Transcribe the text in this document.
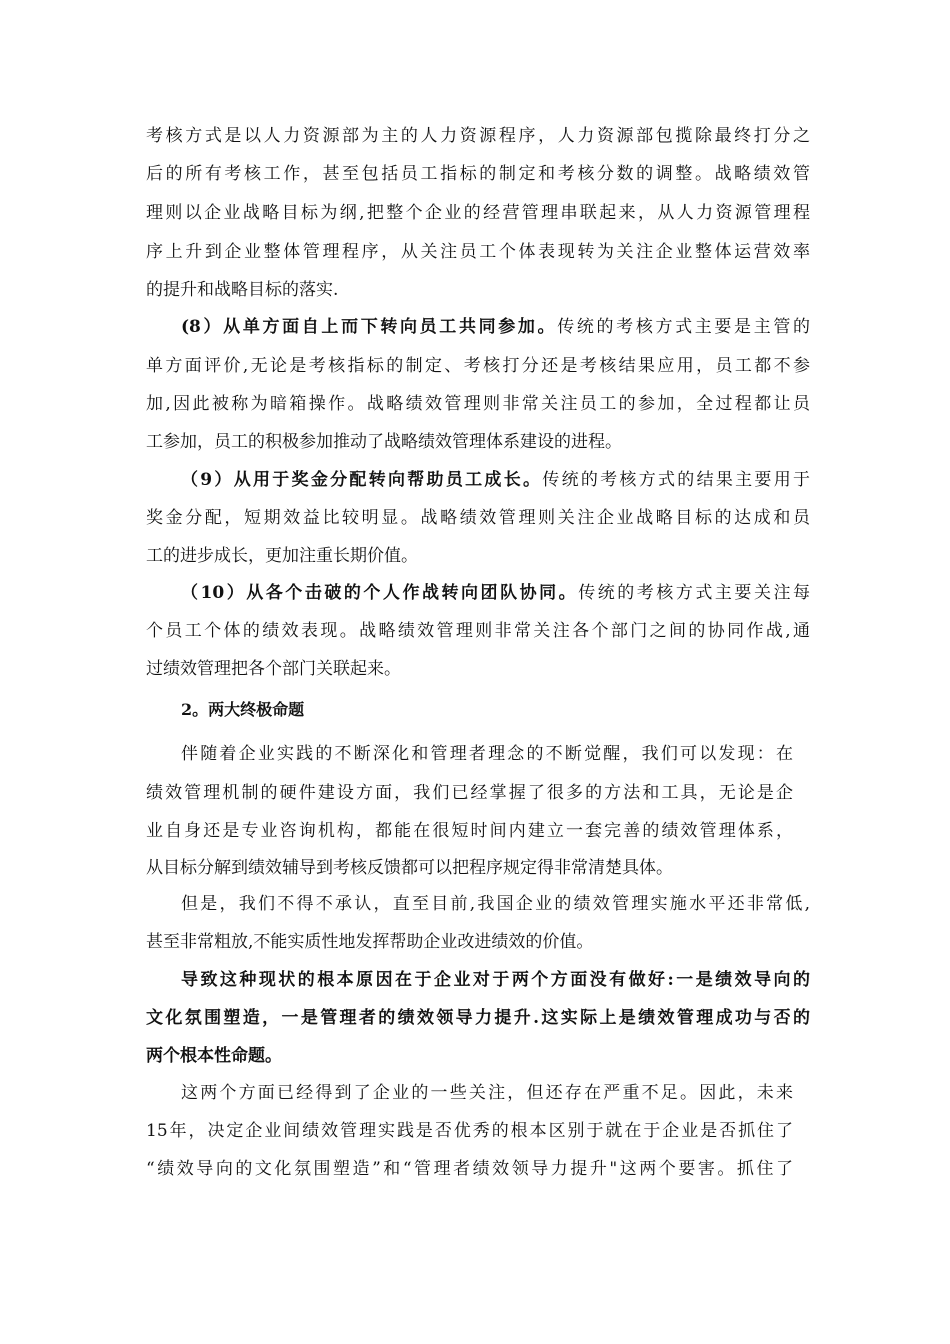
考核方式是以人力资源部为主的人力资源程序，人力资源部包揽除最终打分之
后的所有考核工作，甚至包括员工指标的制定和考核分数的调整。战略绩效管
理则以企业战略目标为纲,把整个企业的经营管理串联起来，从人力资源管理程
序上升到企业整体管理程序，从关注员工个体表现转为关注企业整体运营效率
的提升和战略目标的落实.
(8）从单方面自上而下转向员工共同参加。传统的考核方式主要是主管的
单方面评价,无论是考核指标的制定、考核打分还是考核结果应用，员工都不参
加,因此被称为暗箱操作。战略绩效管理则非常关注员工的参加，全过程都让员
工参加，员工的积极参加推动了战略绩效管理体系建设的进程。
（9）从用于奖金分配转向帮助员工成长。传统的考核方式的结果主要用于
奖金分配，短期效益比较明显。战略绩效管理则关注企业战略目标的达成和员
工的进步成长，更加注重长期价值。
（10）从各个击破的个人作战转向团队协同。传统的考核方式主要关注每
个员工个体的绩效表现。战略绩效管理则非常关注各个部门之间的协同作战,通
过绩效管理把各个部门关联起来。
2。两大终极命题
伴随着企业实践的不断深化和管理者理念的不断觉醒，我们可以发现：在
绩效管理机制的硬件建设方面，我们已经掌握了很多的方法和工具，无论是企
业自身还是专业咨询机构，都能在很短时间内建立一套完善的绩效管理体系，
从目标分解到绩效辅导到考核反馈都可以把程序规定得非常清楚具体。
但是，我们不得不承认，直至目前,我国企业的绩效管理实施水平还非常低,
甚至非常粗放,不能实质性地发挥帮助企业改进绩效的价值。
导致这种现状的根本原因在于企业对于两个方面没有做好:一是绩效导向的
文化氛围塑造，一是管理者的绩效领导力提升.这实际上是绩效管理成功与否的
两个根本性命题。
这两个方面已经得到了企业的一些关注，但还存在严重不足。因此，未来
15年，决定企业间绩效管理实践是否优秀的根本区别于就在于企业是否抓住了
“绩效导向的文化氛围塑造”和“管理者绩效领导力提升"这两个要害。抓住了
